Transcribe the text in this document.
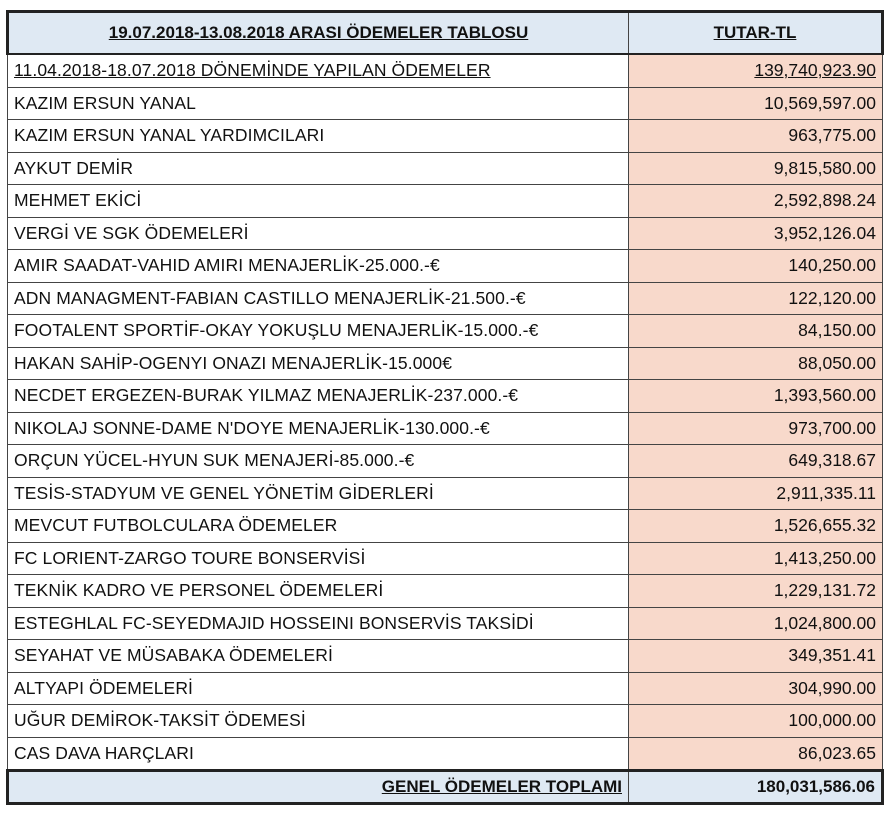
19.07.2018-13.08.2018 ARASI ÖDEMELER TABLOSU	TUTAR-TL
11.04.2018-18.07.2018 DÖNEMİNDE YAPILAN ÖDEMELER	139,740,923.90
KAZIM ERSUN YANAL	10,569,597.00
KAZIM ERSUN YANAL YARDIMCILARI	963,775.00
AYKUT DEMİR	9,815,580.00
MEHMET EKİCİ	2,592,898.24
VERGİ VE SGK ÖDEMELERİ	3,952,126.04
AMIR SAADAT-VAHID AMIRI MENAJERLİK-25.000.-€	140,250.00
ADN MANAGMENT-FABIAN CASTILLO MENAJERLİK-21.500.-€	122,120.00
FOOTALENT SPORTİF-OKAY YOKUŞLU MENAJERLİK-15.000.-€	84,150.00
HAKAN SAHİP-OGENYI ONAZI MENAJERLİK-15.000€	88,050.00
NECDET ERGEZEN-BURAK YILMAZ MENAJERLİK-237.000.-€	1,393,560.00
NIKOLAJ SONNE-DAME N'DOYE MENAJERLİK-130.000.-€	973,700.00
ORÇUN YÜCEL-HYUN SUK MENAJERİ-85.000.-€	649,318.67
TESİS-STADYUM VE GENEL YÖNETİM GİDERLERİ	2,911,335.11
MEVCUT FUTBOLCULARA ÖDEMELER	1,526,655.32
FC LORIENT-ZARGO TOURE BONSERVİSİ	1,413,250.00
TEKNİK KADRO VE PERSONEL ÖDEMELERİ	1,229,131.72
ESTEGHLAL FC-SEYEDMAJID HOSSEINI BONSERVİS TAKSİDİ	1,024,800.00
SEYAHAT VE MÜSABAKA ÖDEMELERİ	349,351.41
ALTYAPI ÖDEMELERİ	304,990.00
UĞUR DEMİROK-TAKSİT ÖDEMESİ	100,000.00
CAS DAVA HARÇLARI	86,023.65
GENEL ÖDEMELER TOPLAMI	180,031,586.06
